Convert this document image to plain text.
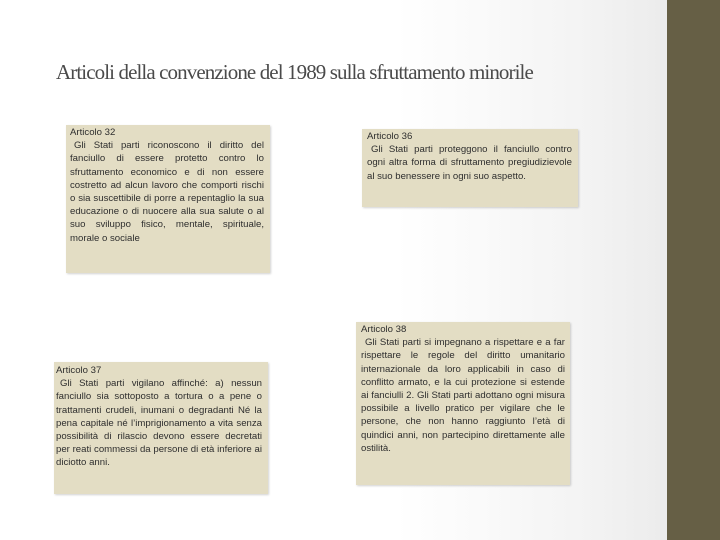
Articoli della convenzione del 1989 sulla sfruttamento minorile
Articolo 32
Gli Stati parti riconoscono il diritto del fanciullo di essere protetto contro lo sfruttamento economico e di non essere costretto ad alcun lavoro che comporti rischi o sia suscettibile di porre a repentaglio la sua educazione o di nuocere alla sua salute o al suo sviluppo fisico, mentale, spirituale, morale o sociale
Articolo 36
Gli Stati parti proteggono il fanciullo contro ogni altra forma di sfruttamento pregiudizievole al suo benessere in ogni suo aspetto.
Articolo 37
Gli Stati parti vigilano affinché: a) nessun fanciullo sia sottoposto a tortura o a pene o trattamenti crudeli, inumani o degradanti Né la pena capitale né l’imprigionamento a vita senza possibilità di rilascio devono essere decretati per reati commessi da persone di età inferiore ai diciotto anni.
Articolo 38
Gli Stati parti si impegnano a rispettare e a far rispettare le regole del diritto umanitario internazionale da loro applicabili in caso di conflitto armato, e la cui protezione si estende ai fanciulli 2. Gli Stati parti adottano ogni misura possibile a livello pratico per vigilare che le persone, che non hanno raggiunto l’età di quindici anni, non partecipino direttamente alle ostilità.
